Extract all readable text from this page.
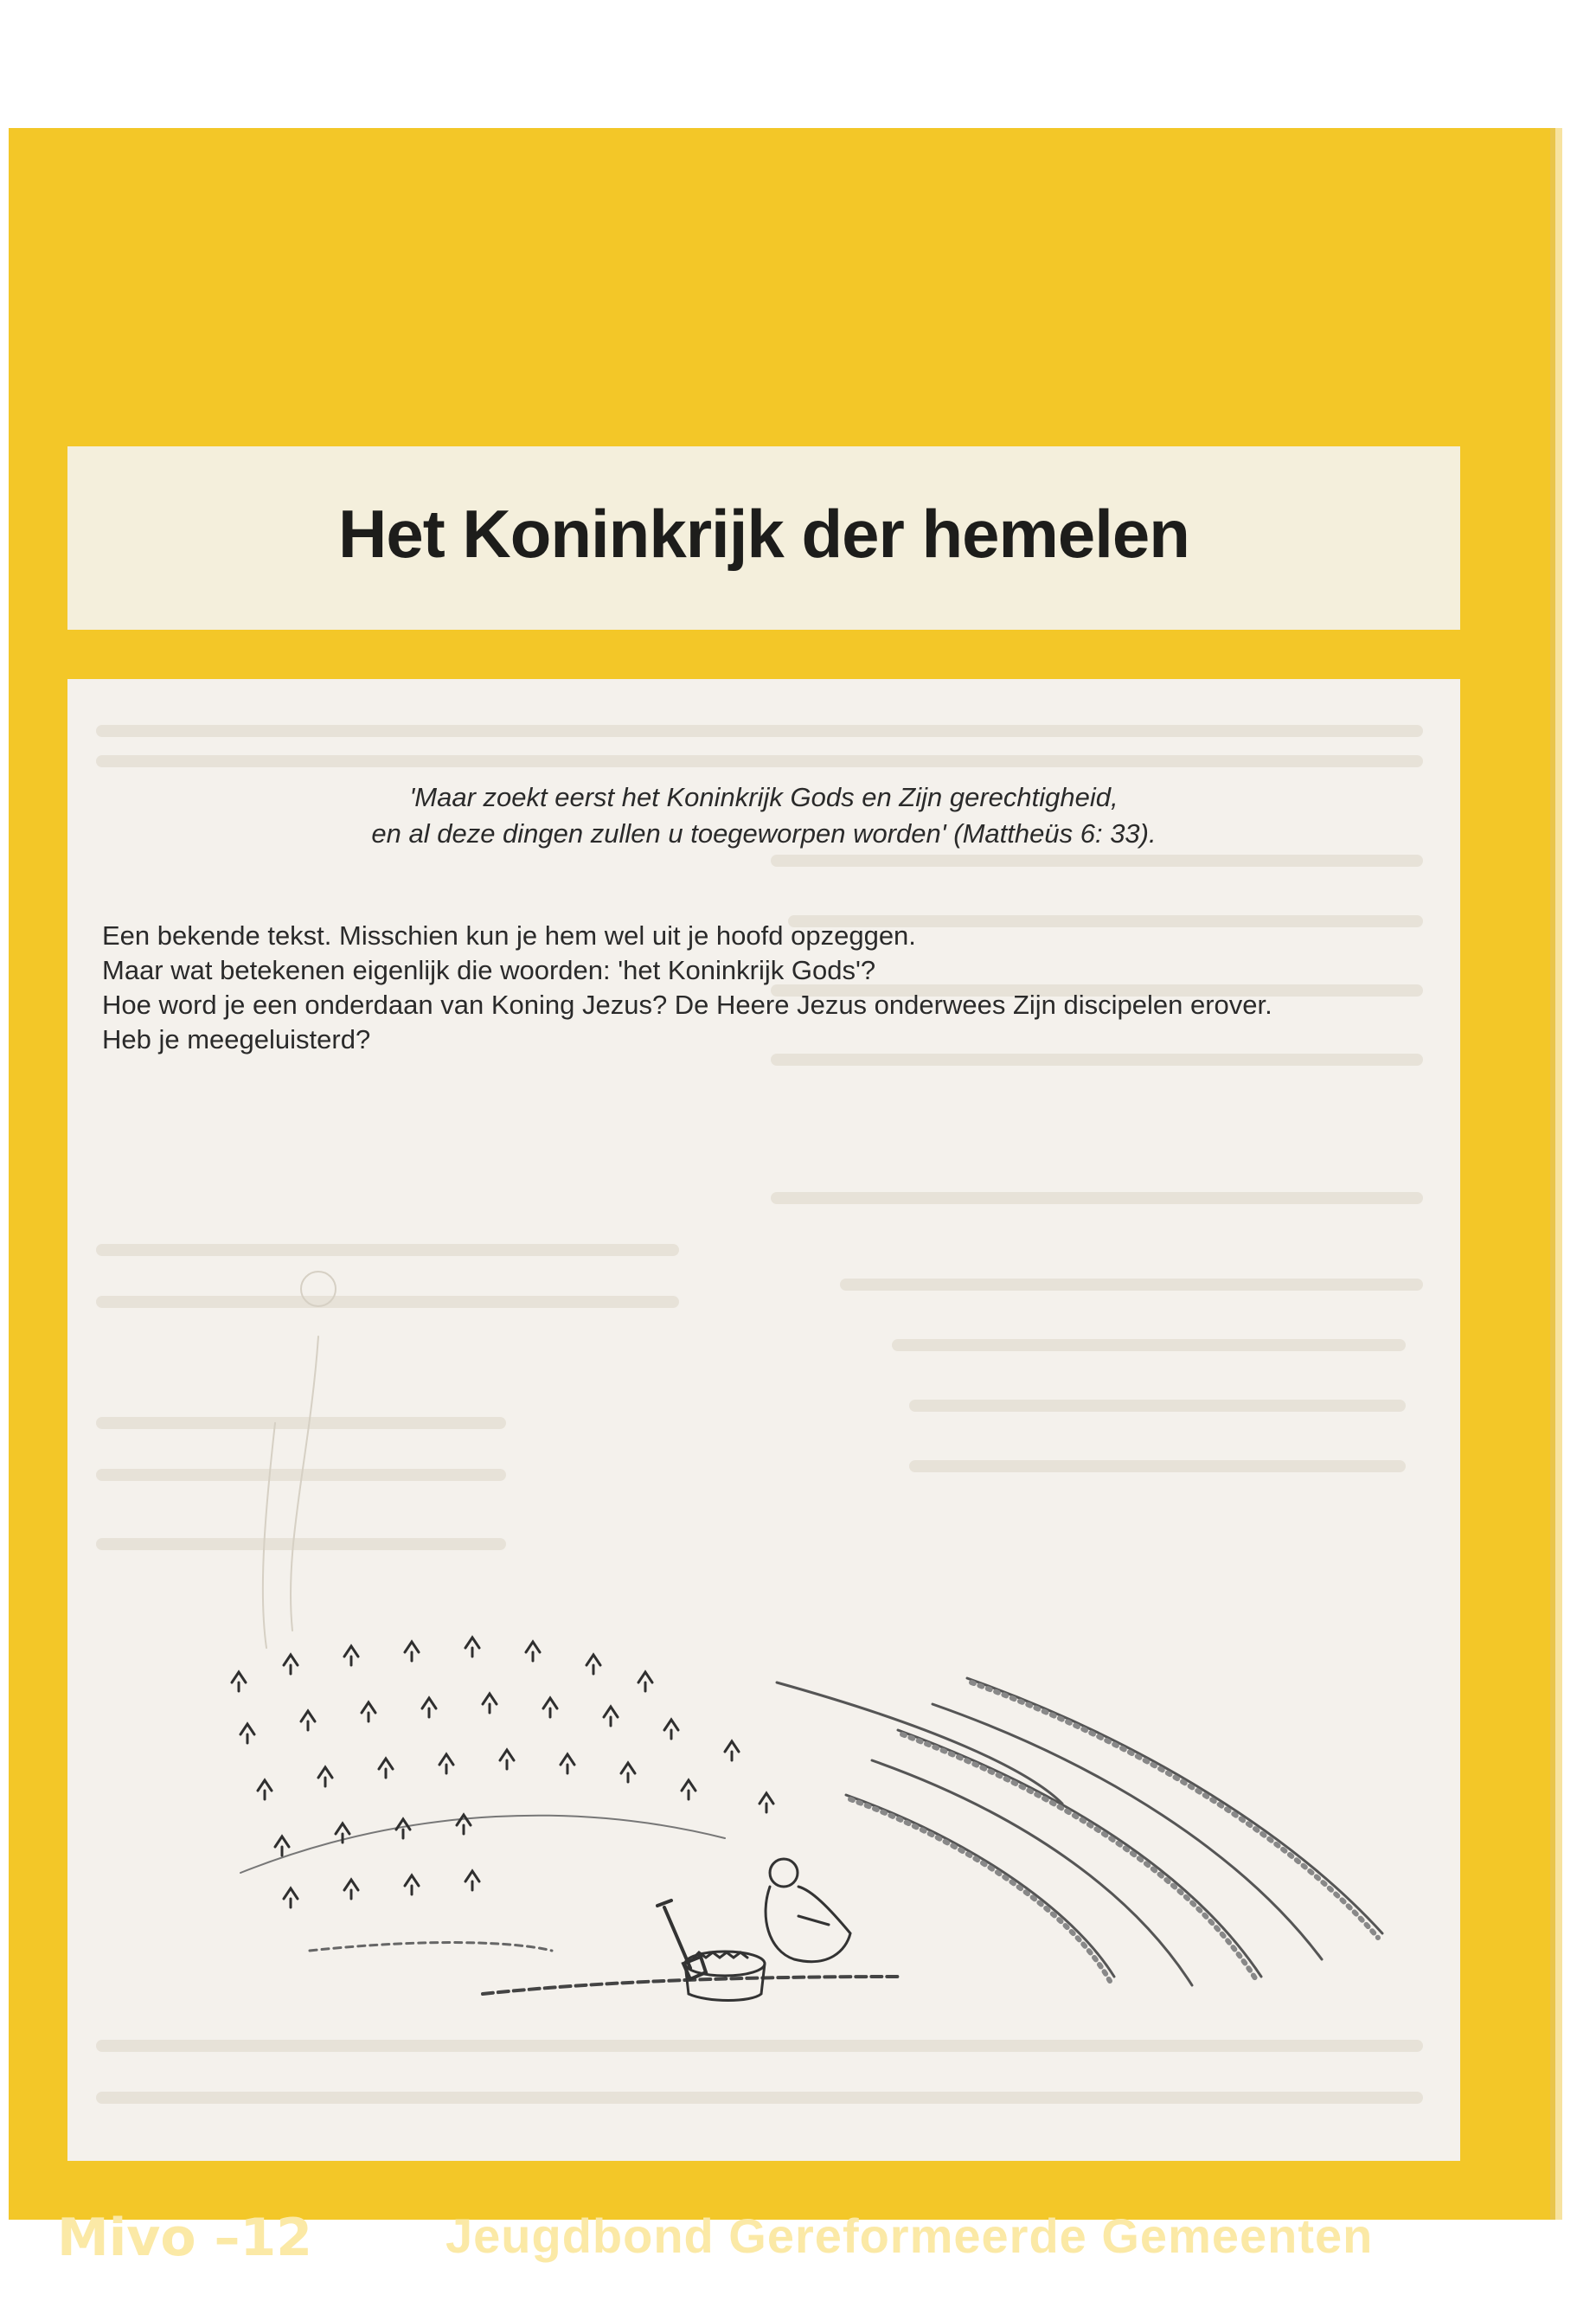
Het Koninkrijk der hemelen
'Maar zoekt eerst het Koninkrijk Gods en Zijn gerechtigheid,
en al deze dingen zullen u toegeworpen worden' (Mattheüs 6: 33).
Een bekende tekst. Misschien kun je hem wel uit je hoofd opzeggen.
Maar wat betekenen eigenlijk die woorden: 'het Koninkrijk Gods'?
Hoe word je een onderdaan van Koning Jezus? De Heere Jezus onderwees Zijn discipelen erover.
Heb je meegeluisterd?
Mivo –12	Jeugdbond Gereformeerde Gemeenten
